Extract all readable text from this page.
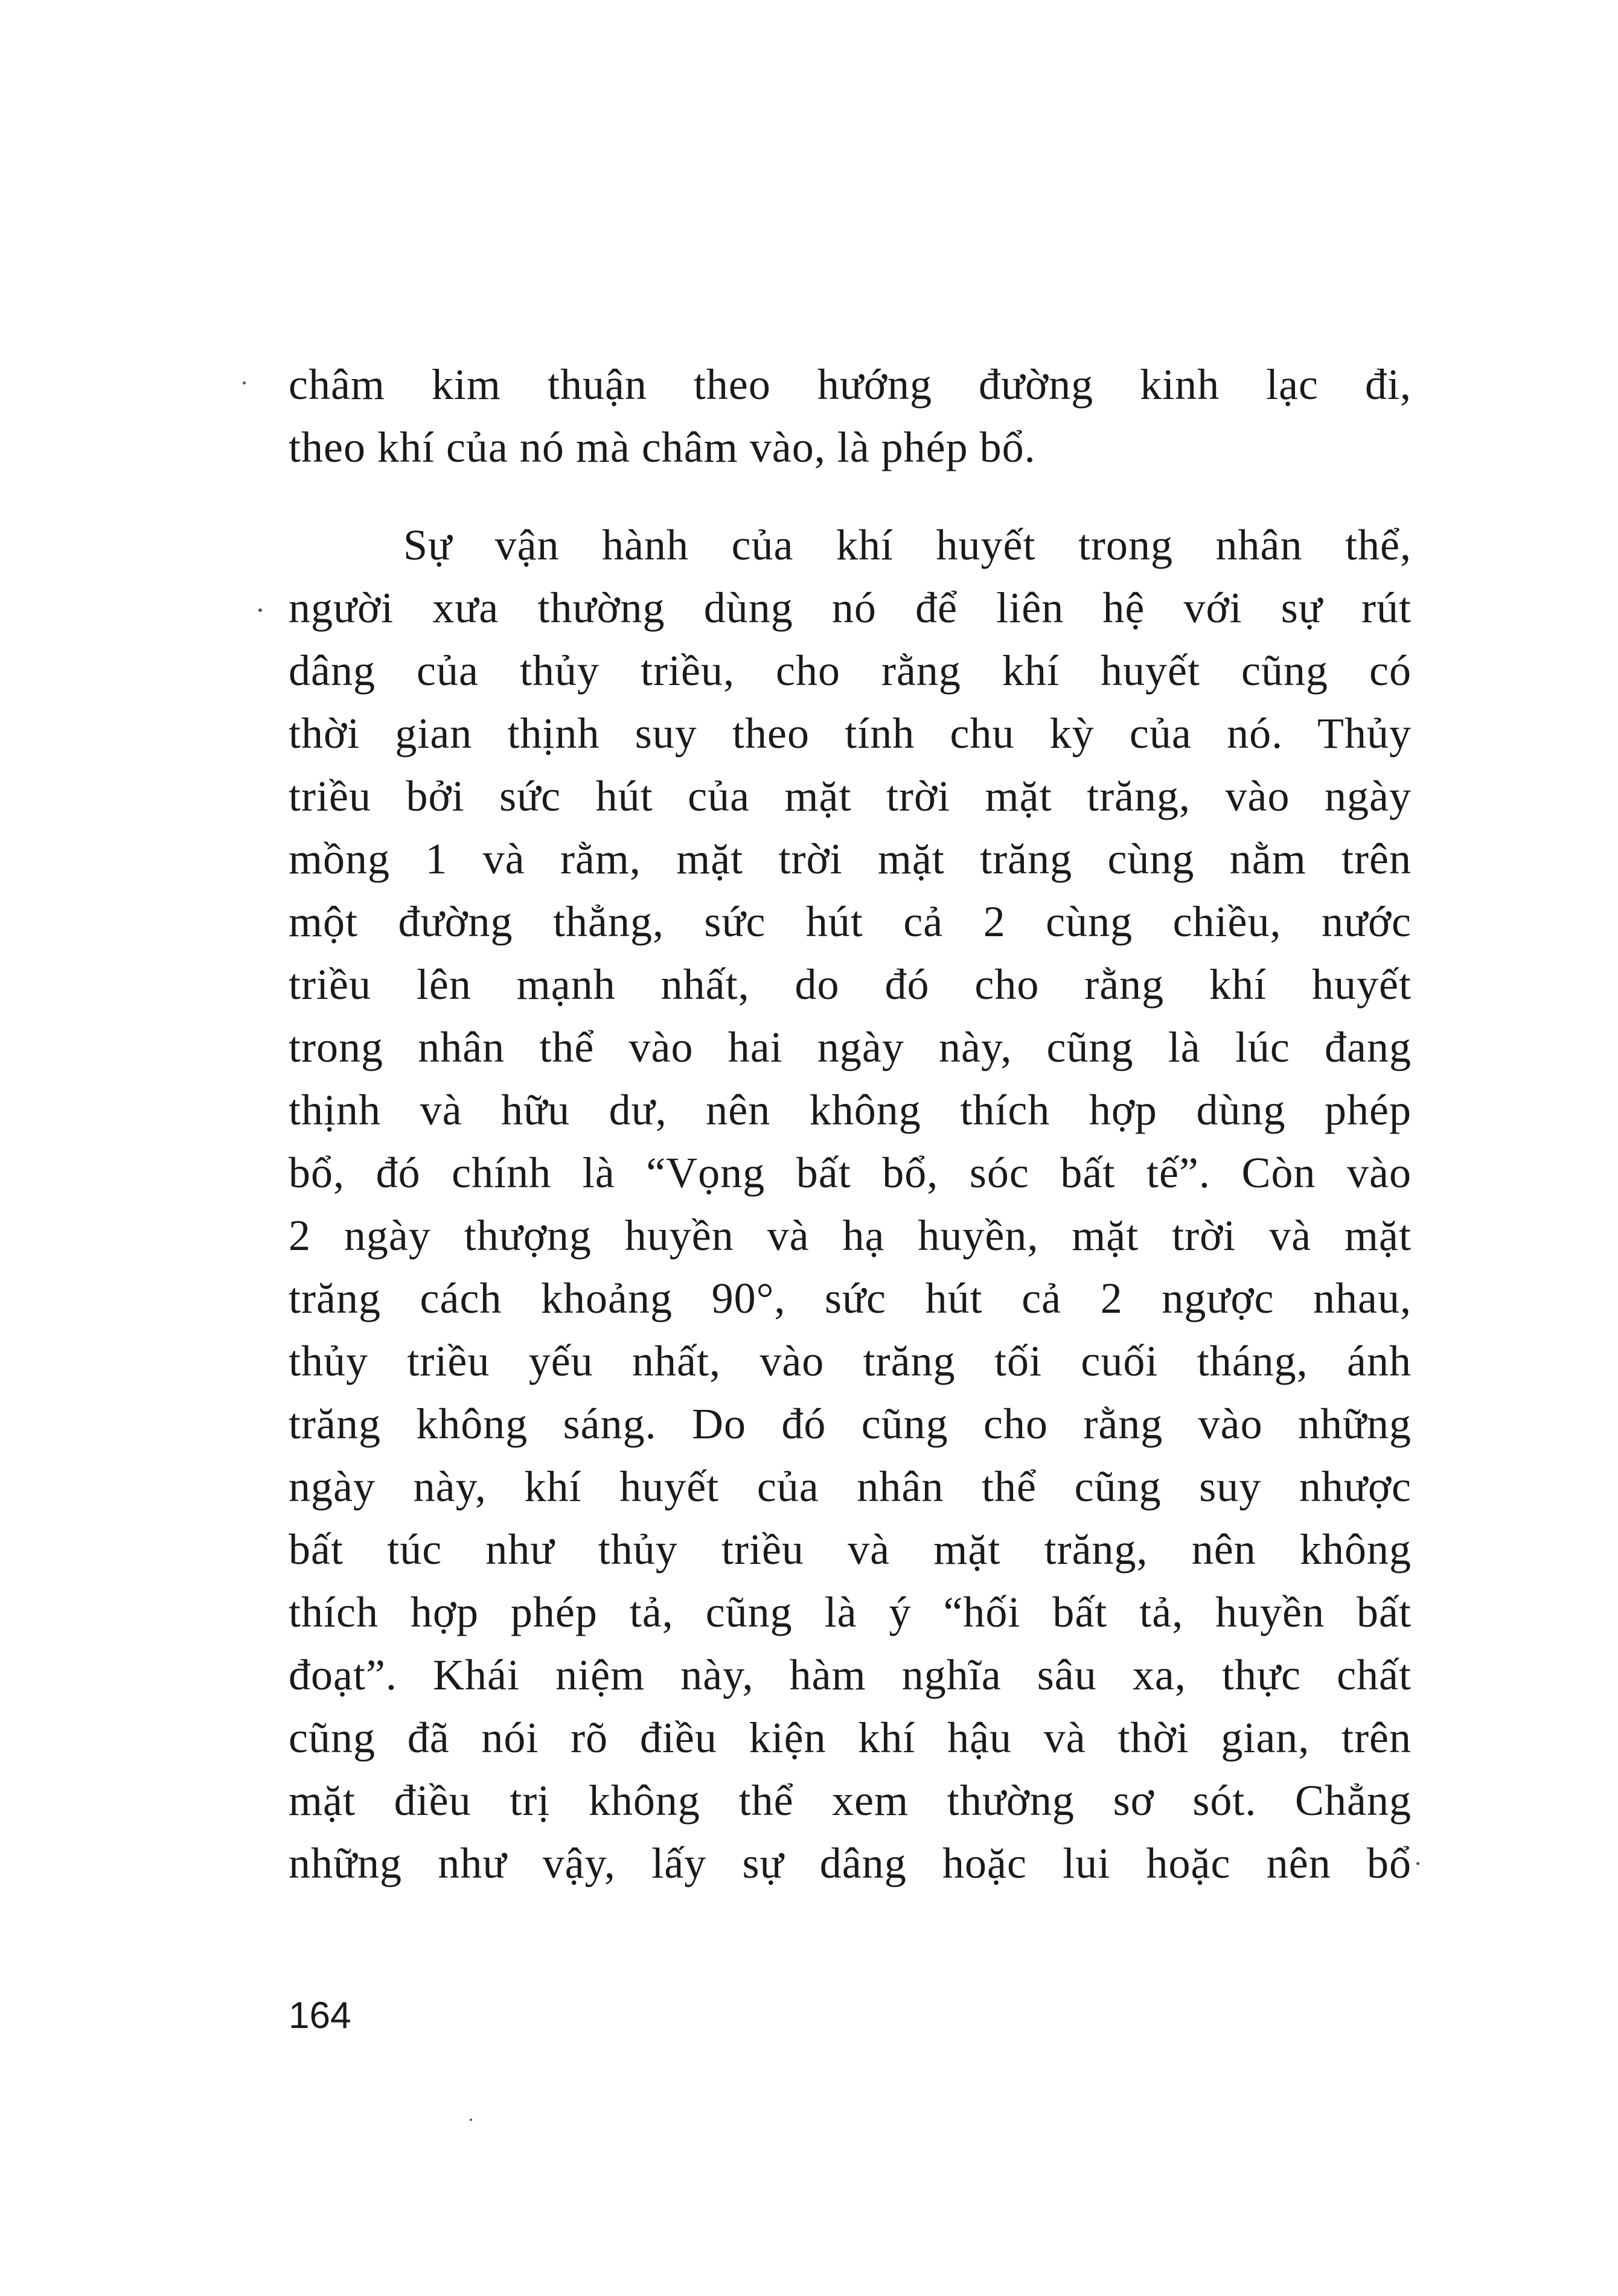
châm kim thuận theo hướng đường kinh lạc đi,
theo khí của nó mà châm vào, là phép bổ.
Sự vận hành của khí huyết trong nhân thể,
người xưa thường dùng nó để liên hệ với sự rút
dâng của thủy triều, cho rằng khí huyết cũng có
thời gian thịnh suy theo tính chu kỳ của nó. Thủy
triều bởi sức hút của mặt trời mặt trăng, vào ngày
mồng 1 và rằm, mặt trời mặt trăng cùng nằm trên
một đường thẳng, sức hút cả 2 cùng chiều, nước
triều lên mạnh nhất, do đó cho rằng khí huyết
trong nhân thể vào hai ngày này, cũng là lúc đang
thịnh và hữu dư, nên không thích hợp dùng phép
bổ, đó chính là “Vọng bất bổ, sóc bất tế”. Còn vào
2 ngày thượng huyền và hạ huyền, mặt trời và mặt
trăng cách khoảng 90°, sức hút cả 2 ngược nhau,
thủy triều yếu nhất, vào trăng tối cuối tháng, ánh
trăng không sáng. Do đó cũng cho rằng vào những
ngày này, khí huyết của nhân thể cũng suy nhược
bất túc như thủy triều và mặt trăng, nên không
thích hợp phép tả, cũng là ý “hối bất tả, huyền bất
đoạt”. Khái niệm này, hàm nghĩa sâu xa, thực chất
cũng đã nói rõ điều kiện khí hậu và thời gian, trên
mặt điều trị không thể xem thường sơ sót. Chẳng
những như vậy, lấy sự dâng hoặc lui hoặc nên bổ
164
